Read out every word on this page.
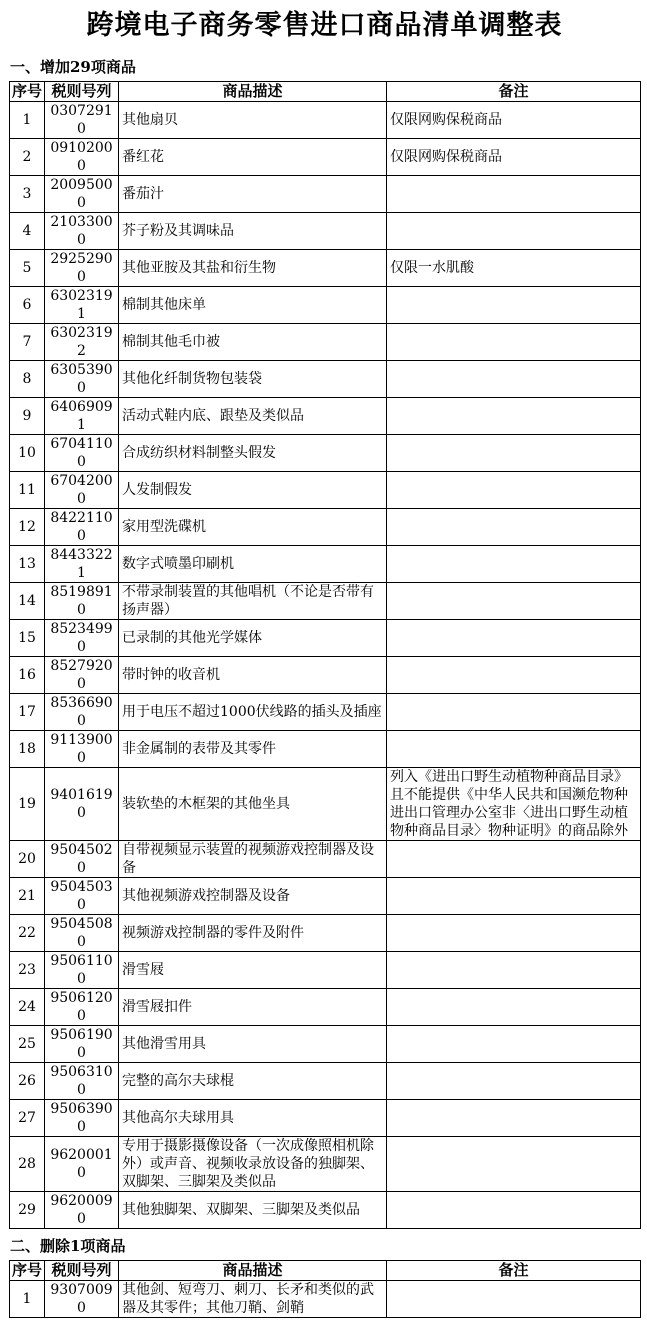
跨境电子商务零售进口商品清单调整表
一、增加29项商品
序号	税则号列	商品描述	备注
1	03072910	其他扇贝	仅限网购保税商品
2	09102000	番红花	仅限网购保税商品
3	20095000	番茄汁	
4	21033000	芥子粉及其调味品	
5	29252900	其他亚胺及其盐和衍生物	仅限一水肌酸
6	63023191	棉制其他床单	
7	63023192	棉制其他毛巾被	
8	63053900	其他化纤制货物包装袋	
9	64069091	活动式鞋内底、跟垫及类似品	
10	67041100	合成纺织材料制整头假发	
11	67042000	人发制假发	
12	84221100	家用型洗碟机	
13	84433221	数字式喷墨印刷机	
14	85198910	不带录制装置的其他唱机（不论是否带有扬声器）	
15	85234990	已录制的其他光学媒体	
16	85279200	带时钟的收音机	
17	85366900	用于电压不超过1000伏线路的插头及插座	
18	91139000	非金属制的表带及其零件	
19	94016190	装软垫的木框架的其他坐具	列入《进出口野生动植物种商品目录》且不能提供《中华人民共和国濒危物种进出口管理办公室非〈进出口野生动植物种商品目录〉物种证明》的商品除外
20	95045020	自带视频显示装置的视频游戏控制器及设备	
21	95045030	其他视频游戏控制器及设备	
22	95045080	视频游戏控制器的零件及附件	
23	95061100	滑雪屐	
24	95061200	滑雪屐扣件	
25	95061900	其他滑雪用具	
26	95063100	完整的高尔夫球棍	
27	95063900	其他高尔夫球用具	
28	96200010	专用于摄影摄像设备（一次成像照相机除外）或声音、视频收录放设备的独脚架、双脚架、三脚架及类似品	
29	96200090	其他独脚架、双脚架、三脚架及类似品	
二、删除1项商品
序号	税则号列	商品描述	备注
1	93070090	其他剑、短弯刀、刺刀、长矛和类似的武器及其零件；其他刀鞘、剑鞘	
